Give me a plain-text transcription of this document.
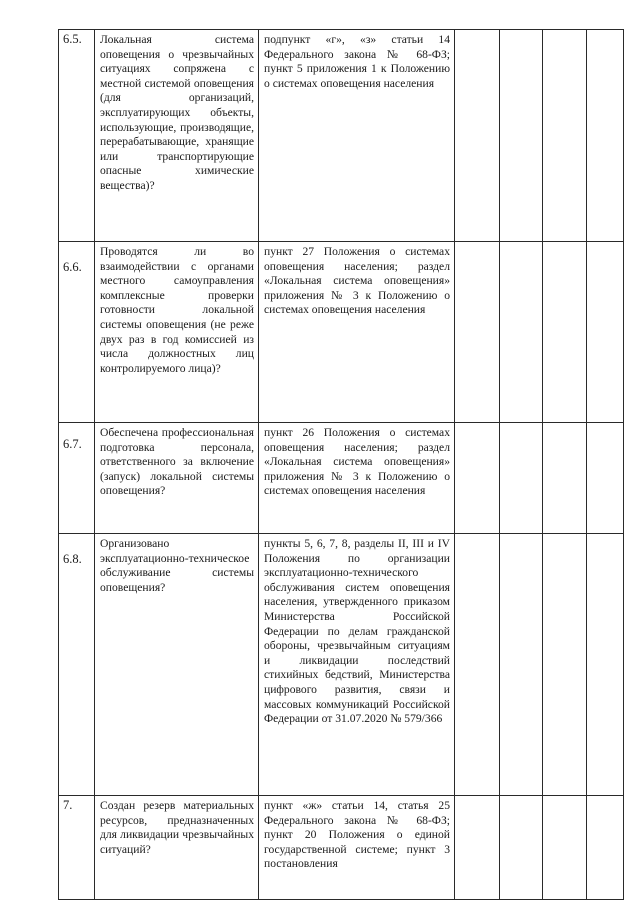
6.5.	Локальная система оповещения о чрезвычайных ситуациях сопряжена с местной системой оповещения (для организаций, эксплуатирующих объекты, использующие, производящие, перерабатывающие, хранящие или транспортирующие опасные химические вещества)?	подпункт «г», «з» статьи 14 Федерального закона № 68-ФЗ; пункт 5 приложения 1 к Положению о системах оповещения населения				
6.6.	Проводятся ли во взаимодействии с органами местного самоуправления комплексные проверки готовности локальной системы оповещения (не реже двух раз в год комиссией из числа должностных лиц контролируемого лица)?	пункт 27 Положения о системах оповещения населения; раздел «Локальная система оповещения» приложения № 3 к Положению о системах оповещения населения				
6.7.	Обеспечена профессиональная подготовка персонала, ответственного за включение (запуск) локальной системы оповещения?	пункт 26 Положения о системах оповещения населения; раздел «Локальная система оповещения» приложения № 3 к Положению о системах оповещения населения				
6.8.	Организовано эксплуатационно-техническое обслуживание системы оповещения?	пункты 5, 6, 7, 8, разделы II, III и IV Положения по организации эксплуатационно-технического обслуживания систем оповещения населения, утвержденного приказом Министерства Российской Федерации по делам гражданской обороны, чрезвычайным ситуациям и ликвидации последствий стихийных бедствий, Министерства цифрового развития, связи и массовых коммуникаций Российской Федерации от 31.07.2020 № 579/366				
7.	Создан резерв материальных ресурсов, предназначенных для ликвидации чрезвычайных ситуаций?	пункт «ж» статьи 14, статья 25 Федерального закона № 68-ФЗ; пункт 20 Положения о единой государственной системе; пункт 3 постановления				
